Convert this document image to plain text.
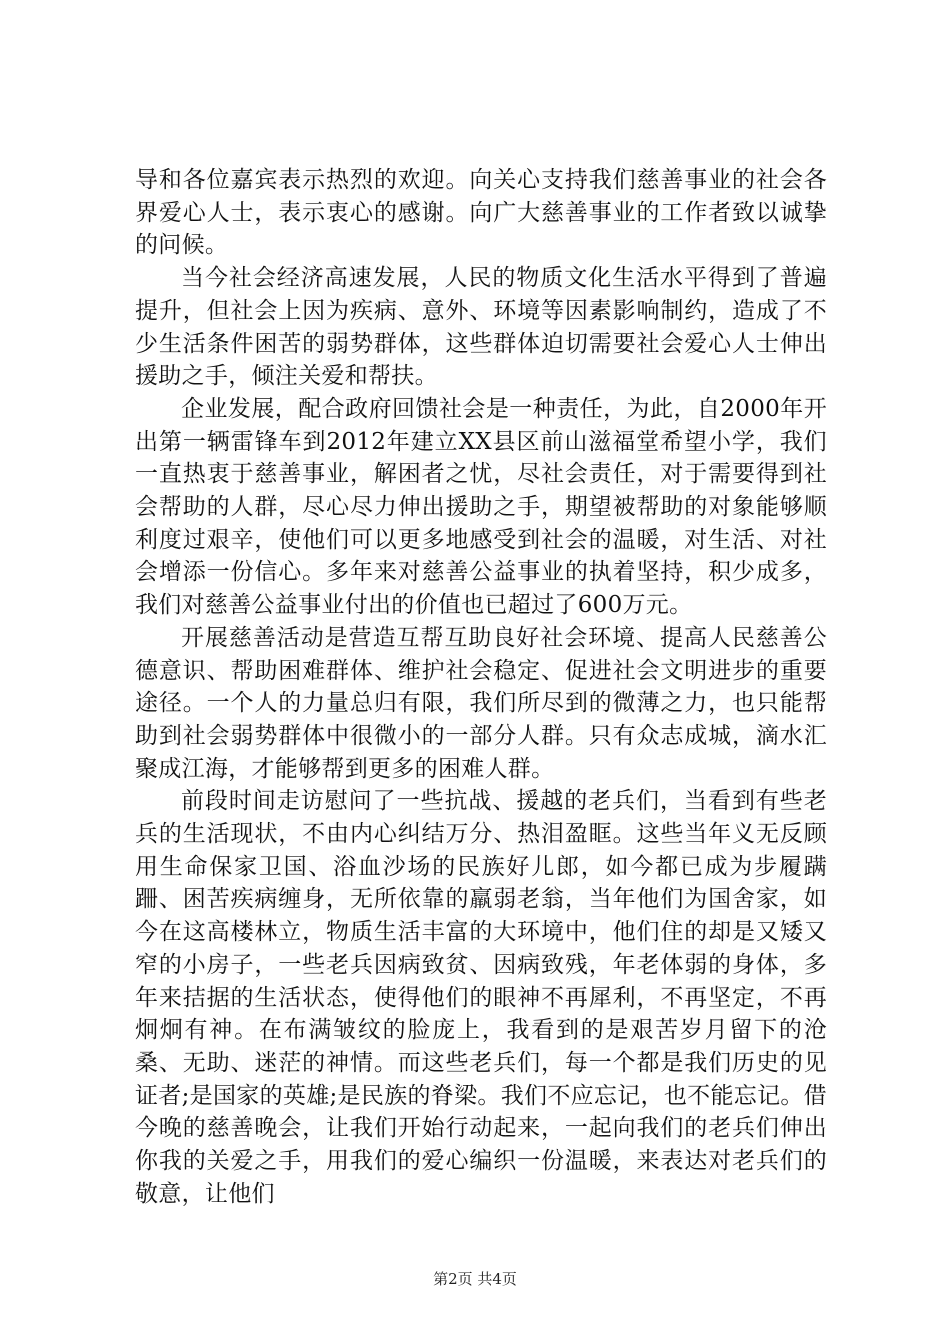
导和各位嘉宾表示热烈的欢迎。向关心支持我们慈善事业的社会各界爱心人士，表示衷心的感谢。向广大慈善事业的工作者致以诚挚的问候。

当今社会经济高速发展，人民的物质文化生活水平得到了普遍提升，但社会上因为疾病、意外、环境等因素影响制约，造成了不少生活条件困苦的弱势群体，这些群体迫切需要社会爱心人士伸出援助之手，倾注关爱和帮扶。

企业发展，配合政府回馈社会是一种责任，为此，自2000年开出第一辆雷锋车到2012年建立XX县区前山滋福堂希望小学，我们一直热衷于慈善事业，解困者之忧，尽社会责任，对于需要得到社会帮助的人群，尽心尽力伸出援助之手，期望被帮助的对象能够顺利度过艰辛，使他们可以更多地感受到社会的温暖，对生活、对社会增添一份信心。多年来对慈善公益事业的执着坚持，积少成多，我们对慈善公益事业付出的价值也已超过了600万元。

开展慈善活动是营造互帮互助良好社会环境、提高人民慈善公德意识、帮助困难群体、维护社会稳定、促进社会文明进步的重要途径。一个人的力量总归有限，我们所尽到的微薄之力，也只能帮助到社会弱势群体中很微小的一部分人群。只有众志成城，滴水汇聚成江海，才能够帮到更多的困难人群。

前段时间走访慰问了一些抗战、援越的老兵们，当看到有些老兵的生活现状，不由内心纠结万分、热泪盈眶。这些当年义无反顾用生命保家卫国、浴血沙场的民族好儿郎，如今都已成为步履蹒跚、困苦疾病缠身，无所依靠的羸弱老翁，当年他们为国舍家，如今在这高楼林立，物质生活丰富的大环境中，他们住的却是又矮又窄的小房子，一些老兵因病致贫、因病致残，年老体弱的身体，多年来拮据的生活状态，使得他们的眼神不再犀利，不再坚定，不再炯炯有神。在布满皱纹的脸庞上，我看到的是艰苦岁月留下的沧桑、无助、迷茫的神情。而这些老兵们，每一个都是我们历史的见证者;是国家的英雄;是民族的脊梁。我们不应忘记，也不能忘记。借今晚的慈善晚会，让我们开始行动起来，一起向我们的老兵们伸出你我的关爱之手，用我们的爱心编织一份温暖，来表达对老兵们的敬意，让他们

第2页 共4页
